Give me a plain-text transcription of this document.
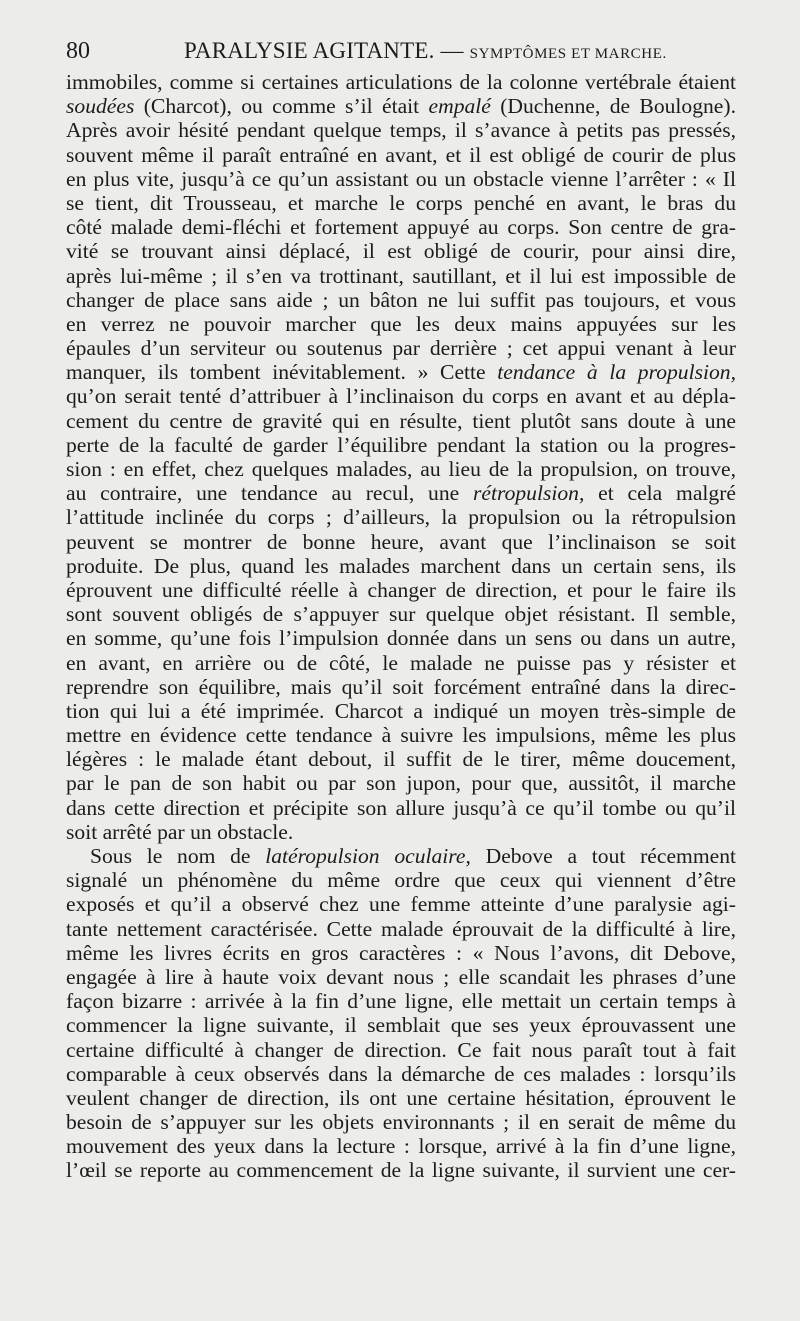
80	PARALYSIE AGITANTE. — SYMPTÔMES ET MARCHE.
immobiles, comme si certaines articulations de la colonne vertébrale étaient
soudées (Charcot), ou comme s’il était empalé (Duchenne, de Boulogne).
Après avoir hésité pendant quelque temps, il s’avance à petits pas pressés,
souvent même il paraît entraîné en avant, et il est obligé de courir de plus
en plus vite, jusqu’à ce qu’un assistant ou un obstacle vienne l’arrêter : « Il
se tient, dit Trousseau, et marche le corps penché en avant, le bras du
côté malade demi-fléchi et fortement appuyé au corps. Son centre de gra-
vité se trouvant ainsi déplacé, il est obligé de courir, pour ainsi dire,
après lui-même ; il s’en va trottinant, sautillant, et il lui est impossible de
changer de place sans aide ; un bâton ne lui suffit pas toujours, et vous
en verrez ne pouvoir marcher que les deux mains appuyées sur les
épaules d’un serviteur ou soutenus par derrière ; cet appui venant à leur
manquer, ils tombent inévitablement. » Cette tendance à la propulsion,
qu’on serait tenté d’attribuer à l’inclinaison du corps en avant et au dépla-
cement du centre de gravité qui en résulte, tient plutôt sans doute à une
perte de la faculté de garder l’équilibre pendant la station ou la progres-
sion : en effet, chez quelques malades, au lieu de la propulsion, on trouve,
au contraire, une tendance au recul, une rétropulsion, et cela malgré
l’attitude inclinée du corps ; d’ailleurs, la propulsion ou la rétropulsion
peuvent se montrer de bonne heure, avant que l’inclinaison se soit
produite. De plus, quand les malades marchent dans un certain sens, ils
éprouvent une difficulté réelle à changer de direction, et pour le faire ils
sont souvent obligés de s’appuyer sur quelque objet résistant. Il semble,
en somme, qu’une fois l’impulsion donnée dans un sens ou dans un autre,
en avant, en arrière ou de côté, le malade ne puisse pas y résister et
reprendre son équilibre, mais qu’il soit forcément entraîné dans la direc-
tion qui lui a été imprimée. Charcot a indiqué un moyen très-simple de
mettre en évidence cette tendance à suivre les impulsions, même les plus
légères : le malade étant debout, il suffit de le tirer, même doucement,
par le pan de son habit ou par son jupon, pour que, aussitôt, il marche
dans cette direction et précipite son allure jusqu’à ce qu’il tombe ou qu’il
soit arrêté par un obstacle.
Sous le nom de latéropulsion oculaire, Debove a tout récemment
signalé un phénomène du même ordre que ceux qui viennent d’être
exposés et qu’il a observé chez une femme atteinte d’une paralysie agi-
tante nettement caractérisée. Cette malade éprouvait de la difficulté à lire,
même les livres écrits en gros caractères : « Nous l’avons, dit Debove,
engagée à lire à haute voix devant nous ; elle scandait les phrases d’une
façon bizarre : arrivée à la fin d’une ligne, elle mettait un certain temps à
commencer la ligne suivante, il semblait que ses yeux éprouvassent une
certaine difficulté à changer de direction. Ce fait nous paraît tout à fait
comparable à ceux observés dans la démarche de ces malades : lorsqu’ils
veulent changer de direction, ils ont une certaine hésitation, éprouvent le
besoin de s’appuyer sur les objets environnants ; il en serait de même du
mouvement des yeux dans la lecture : lorsque, arrivé à la fin d’une ligne,
l’œil se reporte au commencement de la ligne suivante, il survient une cer-
